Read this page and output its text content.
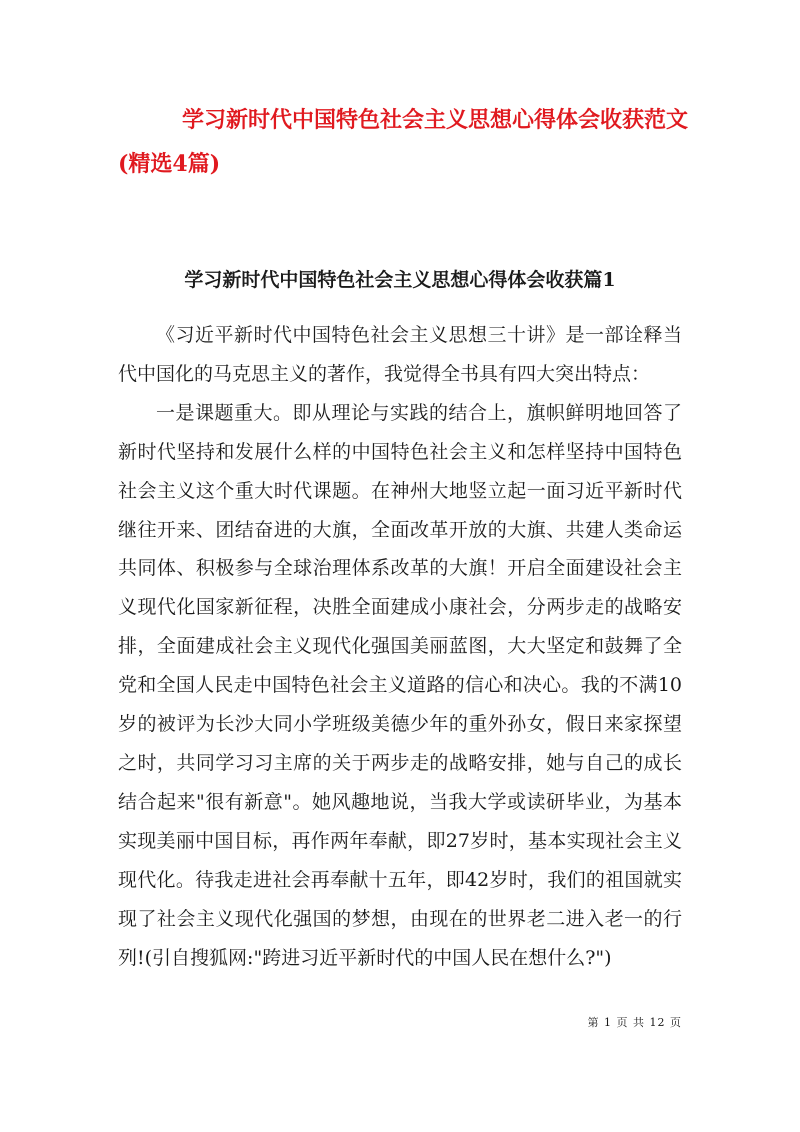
学习新时代中国特色社会主义思想心得体会收获范文(精选4篇)
学习新时代中国特色社会主义思想心得体会收获篇1

《习近平新时代中国特色社会主义思想三十讲》是一部诠释当代中国化的马克思主义的著作，我觉得全书具有四大突出特点：

一是课题重大。即从理论与实践的结合上，旗帜鲜明地回答了新时代坚持和发展什么样的中国特色社会主义和怎样坚持中国特色社会主义这个重大时代课题。在神州大地竖立起一面习近平新时代继往开来、团结奋进的大旗，全面改革开放的大旗、共建人类命运共同体、积极参与全球治理体系改革的大旗！开启全面建设社会主义现代化国家新征程，决胜全面建成小康社会，分两步走的战略安排，全面建成社会主义现代化强国美丽蓝图，大大坚定和鼓舞了全党和全国人民走中国特色社会主义道路的信心和决心。我的不满10岁的被评为长沙大同小学班级美德少年的重外孙女，假日来家探望之时，共同学习习主席的关于两步走的战略安排，她与自己的成长结合起来"很有新意"。她风趣地说，当我大学或读研毕业，为基本实现美丽中国目标，再作两年奉献，即27岁时，基本实现社会主义现代化。待我走进社会再奉献十五年，即42岁时，我们的祖国就实现了社会主义现代化强国的梦想，由现在的世界老二进入老一的行列!(引自搜狐网:"跨进习近平新时代的中国人民在想什么?")

第 1 页 共 12 页
